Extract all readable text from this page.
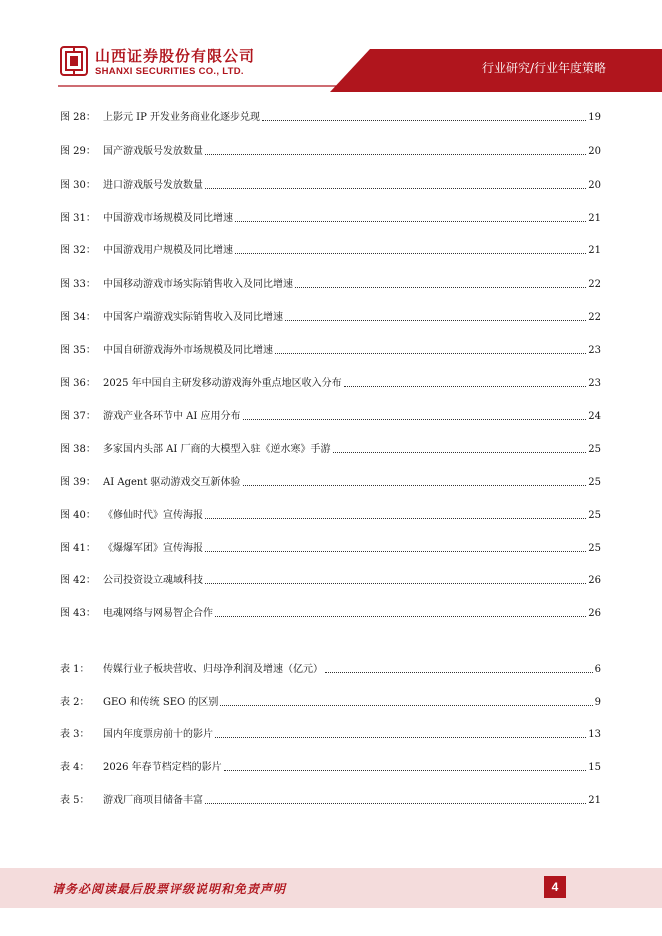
山西证券股份有限公司
SHANXI SECURITIES CO., LTD.	行业研究/行业年度策略
图 28： 上影元 IP 开发业务商业化逐步兑现	19
图 29： 国产游戏版号发放数量	20
图 30： 进口游戏版号发放数量	20
图 31： 中国游戏市场规模及同比增速	21
图 32： 中国游戏用户规模及同比增速	21
图 33： 中国移动游戏市场实际销售收入及同比增速	22
图 34： 中国客户端游戏实际销售收入及同比增速	22
图 35： 中国自研游戏海外市场规模及同比增速	23
图 36： 2025 年中国自主研发移动游戏海外重点地区收入分布	23
图 37： 游戏产业各环节中 AI 应用分布	24
图 38： 多家国内头部 AI 厂商的大模型入驻《逆水寒》手游	25
图 39： AI Agent 驱动游戏交互新体验	25
图 40： 《修仙时代》宣传海报	25
图 41： 《爆爆军团》宣传海报	25
图 42： 公司投资设立魂域科技	26
图 43： 电魂网络与网易智企合作	26
表 1：	传媒行业子板块营收、归母净利润及增速（亿元）	6
表 2：	GEO 和传统 SEO 的区别	9
表 3：	国内年度票房前十的影片	13
表 4：	2026 年春节档定档的影片	15
表 5：	游戏厂商项目储备丰富	21
请务必阅读最后股票评级说明和免责声明	4
